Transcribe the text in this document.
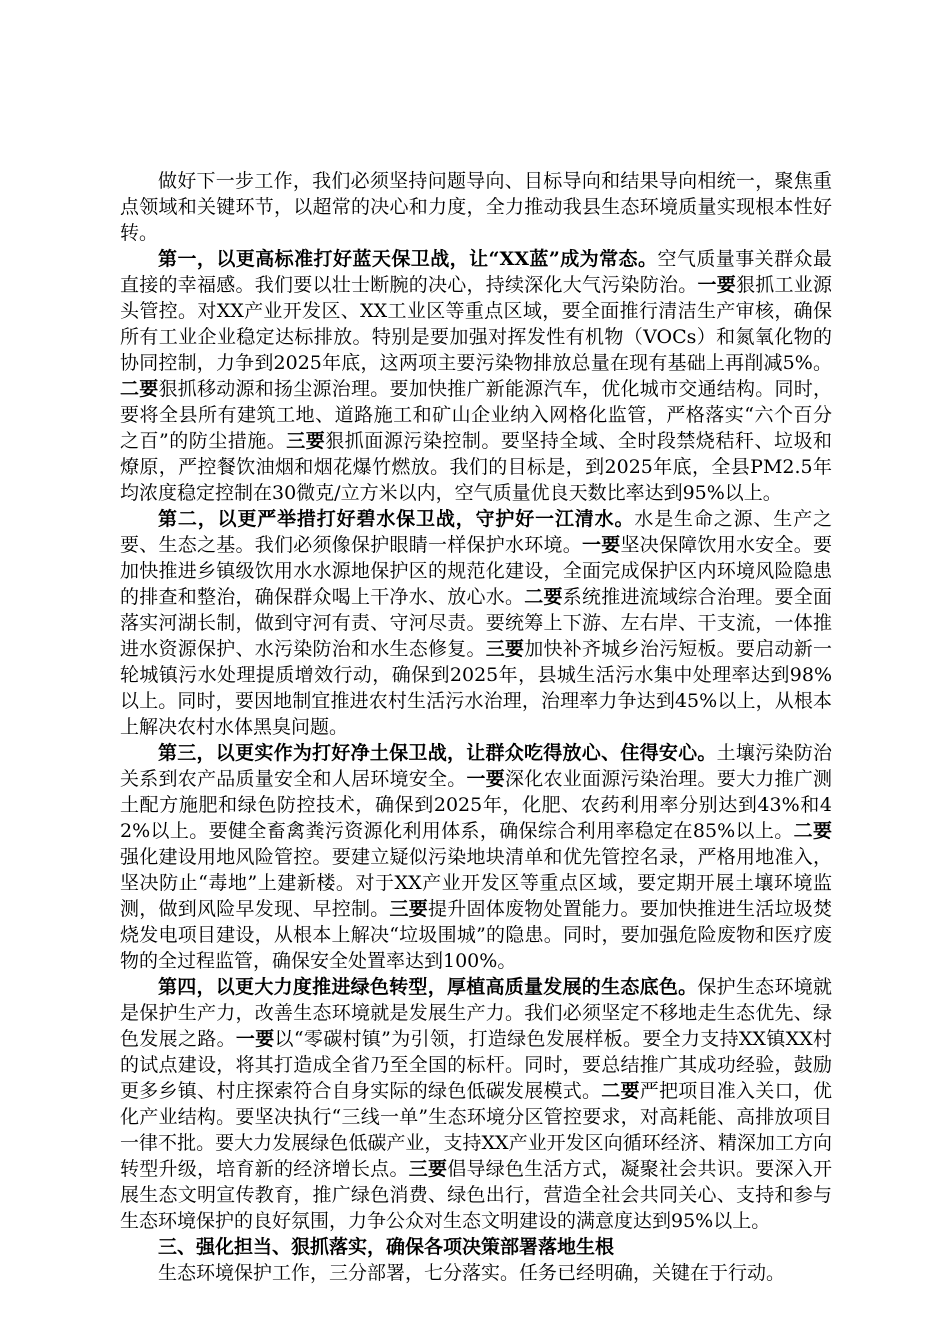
做好下一步工作，我们必须坚持问题导向、目标导向和结果导向相统一，聚焦重点领域和关键环节，以超常的决心和力度，全力推动我县生态环境质量实现根本性好转。

第一，以更高标准打好蓝天保卫战，让“XX蓝”成为常态。空气质量事关群众最直接的幸福感。我们要以壮士断腕的决心，持续深化大气污染防治。一要狠抓工业源头管控。对XX产业开发区、XX工业区等重点区域，要全面推行清洁生产审核，确保所有工业企业稳定达标排放。特别是要加强对挥发性有机物（VOCs）和氮氧化物的协同控制，力争到2025年底，这两项主要污染物排放总量在现有基础上再削减5%。二要狠抓移动源和扬尘源治理。要加快推广新能源汽车，优化城市交通结构。同时，要将全县所有建筑工地、道路施工和矿山企业纳入网格化监管，严格落实“六个百分之百”的防尘措施。三要狠抓面源污染控制。要坚持全域、全时段禁烧秸秆、垃圾和燎原，严控餐饮油烟和烟花爆竹燃放。我们的目标是，到2025年底，全县PM2.5年均浓度稳定控制在30微克/立方米以内，空气质量优良天数比率达到95%以上。

第二，以更严举措打好碧水保卫战，守护好一江清水。水是生命之源、生产之要、生态之基。我们必须像保护眼睛一样保护水环境。一要坚决保障饮用水安全。要加快推进乡镇级饮用水水源地保护区的规范化建设，全面完成保护区内环境风险隐患的排查和整治，确保群众喝上干净水、放心水。二要系统推进流域综合治理。要全面落实河湖长制，做到守河有责、守河尽责。要统筹上下游、左右岸、干支流，一体推进水资源保护、水污染防治和水生态修复。三要加快补齐城乡治污短板。要启动新一轮城镇污水处理提质增效行动，确保到2025年，县城生活污水集中处理率达到98%以上。同时，要因地制宜推进农村生活污水治理，治理率力争达到45%以上，从根本上解决农村水体黑臭问题。

第三，以更实作为打好净土保卫战，让群众吃得放心、住得安心。土壤污染防治关系到农产品质量安全和人居环境安全。一要深化农业面源污染治理。要大力推广测土配方施肥和绿色防控技术，确保到2025年，化肥、农药利用率分别达到43%和42%以上。要健全畜禽粪污资源化利用体系，确保综合利用率稳定在85%以上。二要强化建设用地风险管控。要建立疑似污染地块清单和优先管控名录，严格用地准入，坚决防止“毒地”上建新楼。对于XX产业开发区等重点区域，要定期开展土壤环境监测，做到风险早发现、早控制。三要提升固体废物处置能力。要加快推进生活垃圾焚烧发电项目建设，从根本上解决“垃圾围城”的隐患。同时，要加强危险废物和医疗废物的全过程监管，确保安全处置率达到100%。

第四，以更大力度推进绿色转型，厚植高质量发展的生态底色。保护生态环境就是保护生产力，改善生态环境就是发展生产力。我们必须坚定不移地走生态优先、绿色发展之路。一要以“零碳村镇”为引领，打造绿色发展样板。要全力支持XX镇XX村的试点建设，将其打造成全省乃至全国的标杆。同时，要总结推广其成功经验，鼓励更多乡镇、村庄探索符合自身实际的绿色低碳发展模式。二要严把项目准入关口，优化产业结构。要坚决执行“三线一单”生态环境分区管控要求，对高耗能、高排放项目一律不批。要大力发展绿色低碳产业，支持XX产业开发区向循环经济、精深加工方向转型升级，培育新的经济增长点。三要倡导绿色生活方式，凝聚社会共识。要深入开展生态文明宣传教育，推广绿色消费、绿色出行，营造全社会共同关心、支持和参与生态环境保护的良好氛围，力争公众对生态文明建设的满意度达到95%以上。

三、强化担当、狠抓落实，确保各项决策部署落地生根

生态环境保护工作，三分部署，七分落实。任务已经明确，关键在于行动。
